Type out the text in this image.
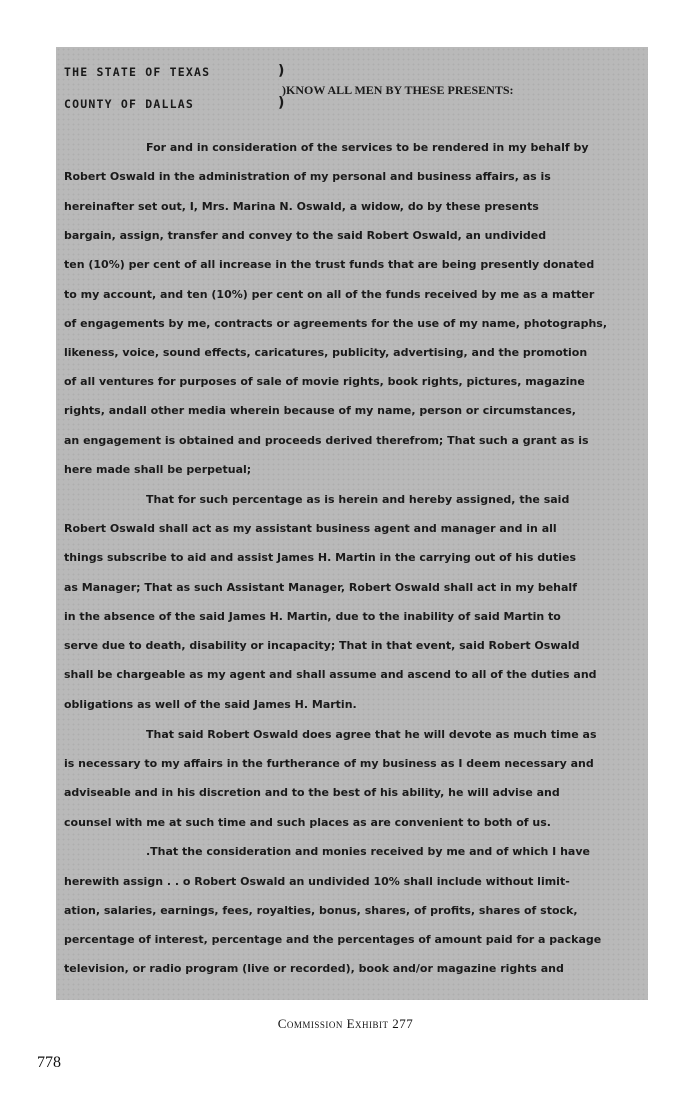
THE STATE OF TEXAS	)
)KNOW ALL MEN BY THESE PRESENTS:
COUNTY OF DALLAS	)
For and in consideration of the services to be rendered in my behalf by
Robert Oswald in the administration of my personal and business affairs, as is
hereinafter set out, I, Mrs. Marina N. Oswald, a widow, do by these presents
bargain, assign, transfer and convey to the said Robert Oswald, an undivided
ten (10%) per cent of all increase in the trust funds that are being presently donated
to my account, and ten (10%) per cent on all of the funds received by me as a matter
of engagements by me, contracts or agreements for the use of my name, photographs,
likeness, voice, sound effects, caricatures, publicity, advertising, and the promotion
of all ventures for purposes of sale of movie rights, book rights, pictures, magazine
rights, andall other media wherein because of my name, person or circumstances,
an engagement is obtained and proceeds derived therefrom; That such a grant as is
here made shall be perpetual;
That for such percentage as is herein and hereby assigned, the said
Robert Oswald shall act as my assistant business agent and manager and in all
things subscribe to aid and assist James H. Martin in the carrying out of his duties
as Manager; That as such Assistant Manager, Robert Oswald shall act in my behalf
in the absence of the said James H. Martin, due to the inability of said Martin to
serve due to death, disability or incapacity; That in that event, said Robert Oswald
shall be chargeable as my agent and shall assume and ascend to all of the duties and
obligations as well of the said James H. Martin.
That said Robert Oswald does agree that he will devote as much time as
is necessary to my affairs in the furtherance of my business as I deem necessary and
adviseable and in his discretion and to the best of his ability, he will advise and
counsel with me at such time and such places as are convenient to both of us.
.That the consideration and monies received by me and of which I have
herewith assign . . o Robert Oswald an undivided 10% shall include without limit-
ation, salaries, earnings, fees, royalties, bonus, shares, of profits, shares of stock,
percentage of interest, percentage and the percentages of amount paid for a package
television, or radio program (live or recorded), book and/or magazine rights and
Commission Exhibit 277
778
